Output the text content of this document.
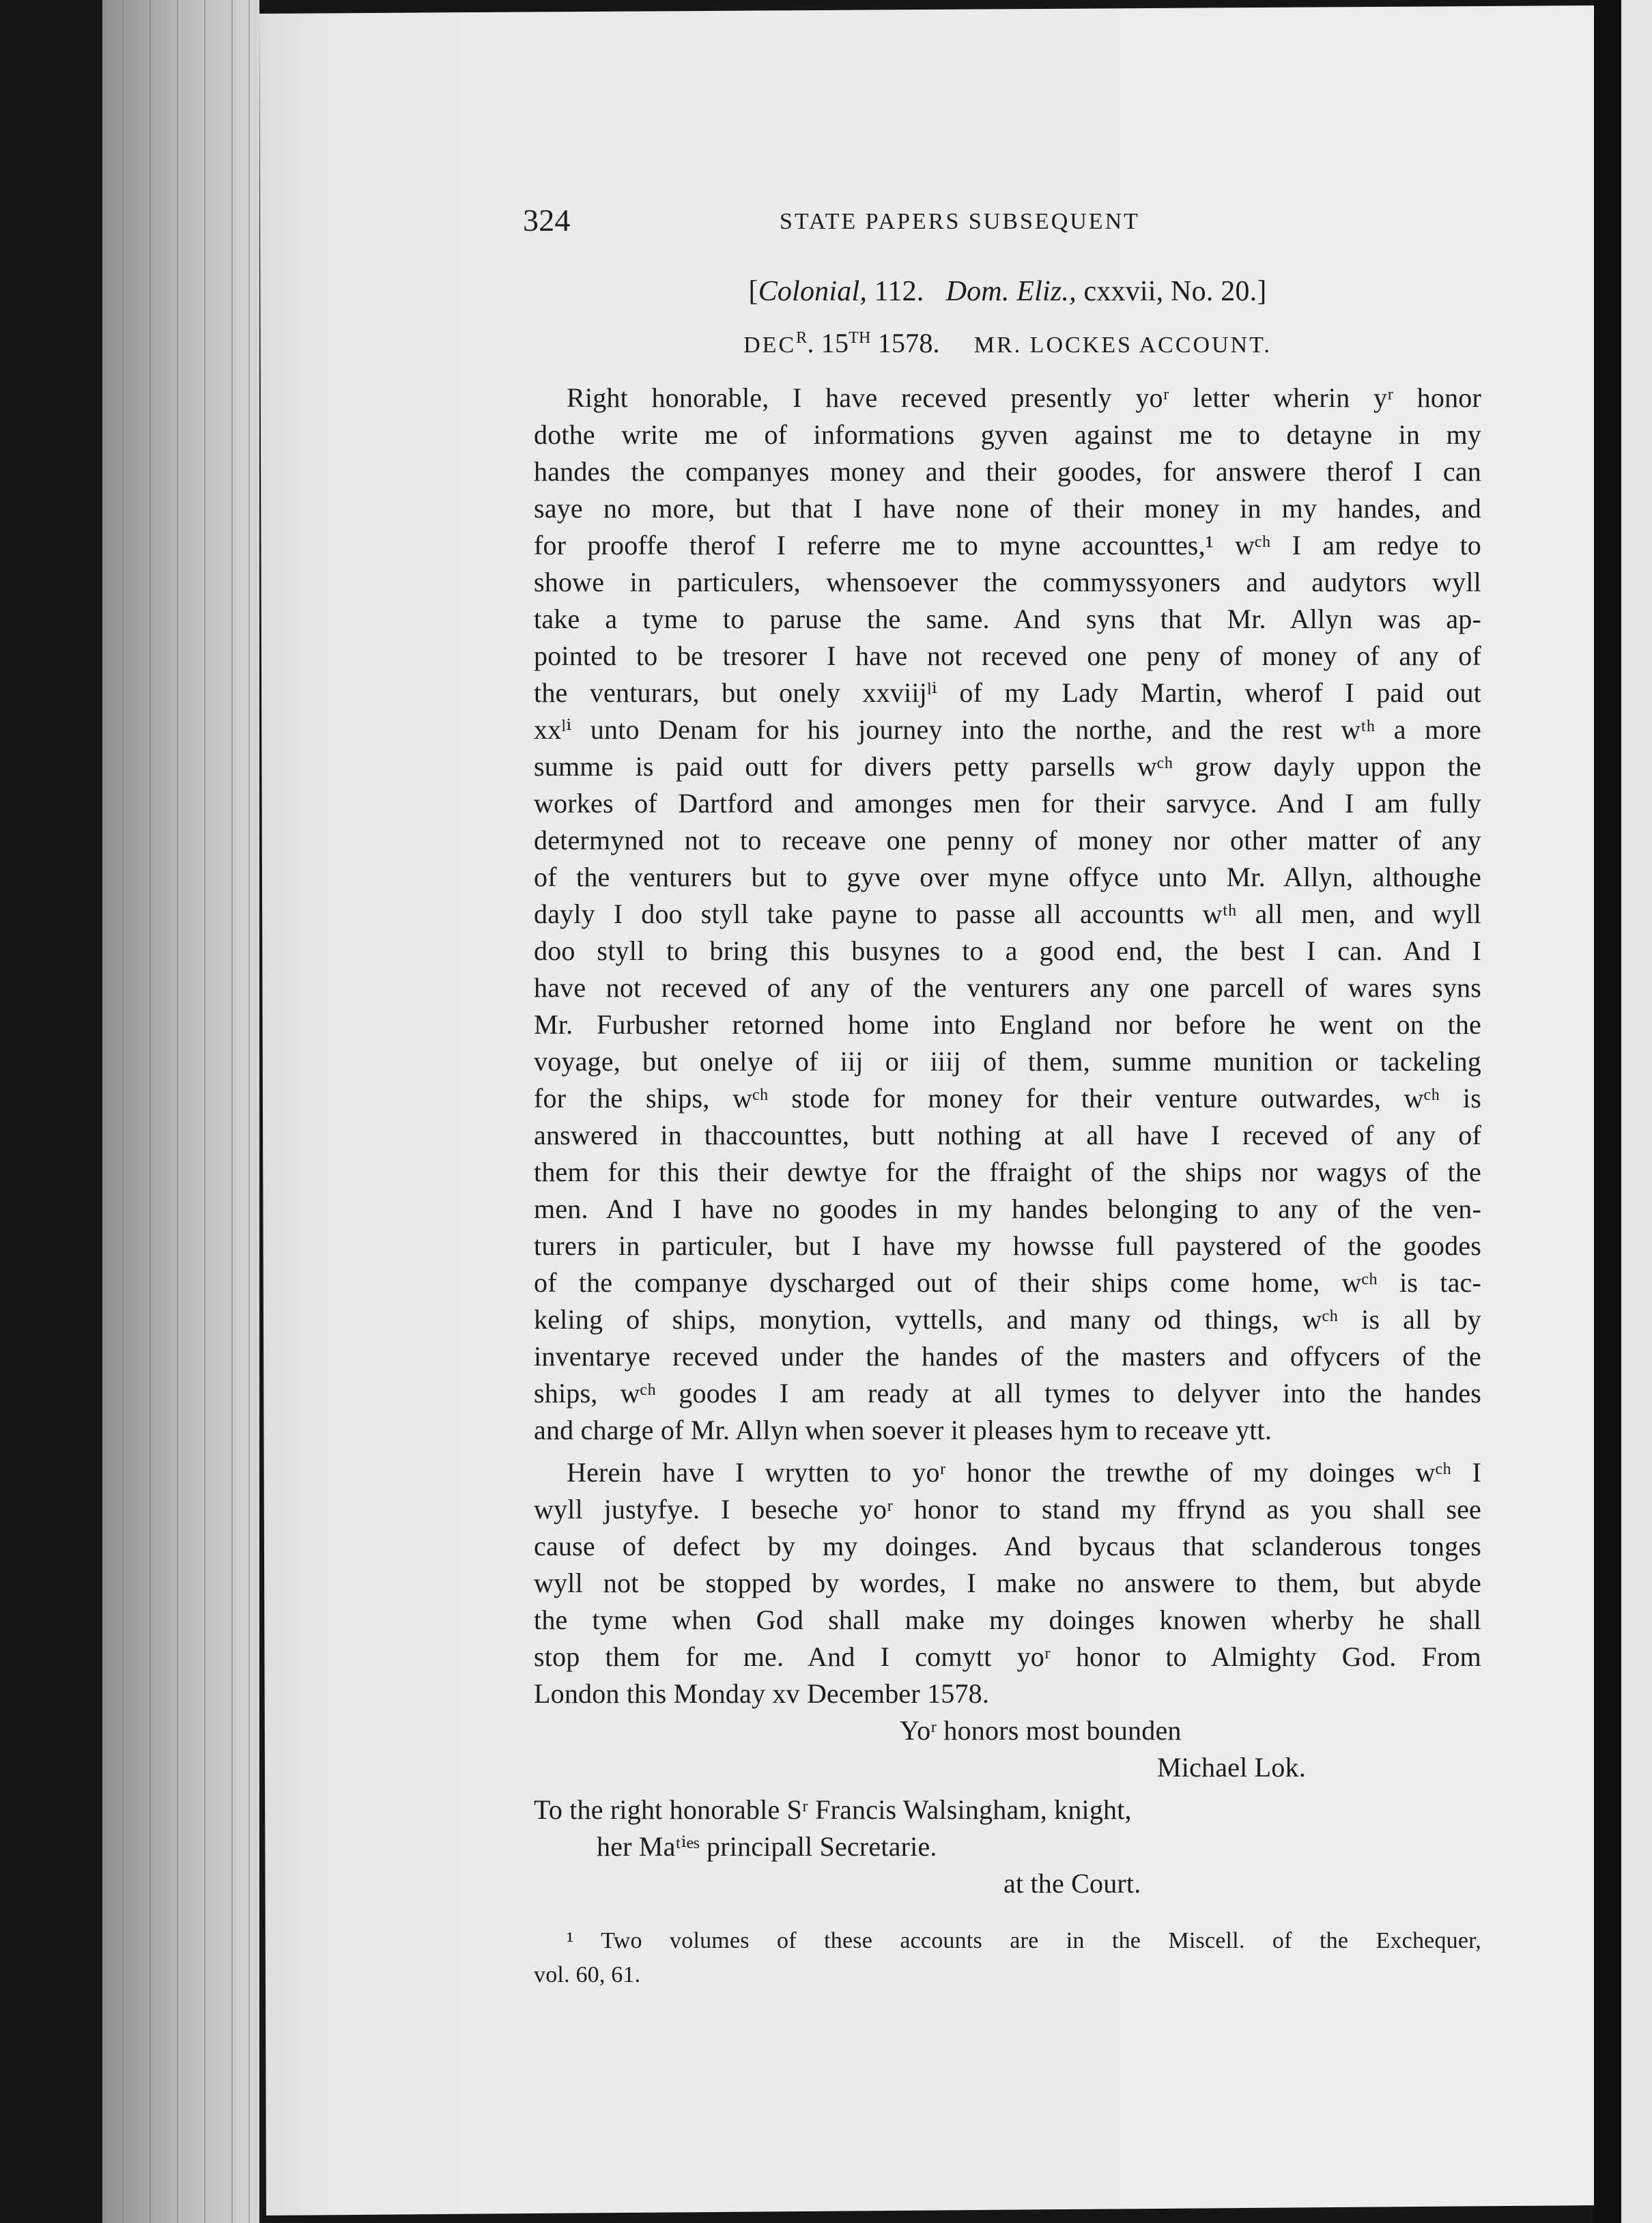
324	STATE PAPERS SUBSEQUENT
[Colonial, 112.   Dom. Eliz., cxxvii, No. 20.]
$DEC^R$. 15TH 1578. MR. LOCKES ACCOUNT.
Right honorable, I have receved presently yoʳ letter wherin yʳ honor
dothe write me of informations gyven against me to detayne in my
handes the companyes money and their goodes, for answere therof I can
saye no more, but that I have none of their money in my handes, and
for prooffe therof I referre me to myne accounttes,¹ wᶜʰ I am redye to
showe in particulers, whensoever the commyssyoners and audytors wyll
take a tyme to paruse the same. And syns that Mr. Allyn was ap-
pointed to be tresorer I have not receved one peny of money of any of
the venturars, but onely xxviijˡⁱ of my Lady Martin, wherof I paid out
xxˡⁱ unto Denam for his journey into the northe, and the rest wᵗʰ a more
summe is paid outt for divers petty parsells wᶜʰ grow dayly uppon the
workes of Dartford and amonges men for their sarvyce. And I am fully
determyned not to receave one penny of money nor other matter of any
of the venturers but to gyve over myne offyce unto Mr. Allyn, althoughe
dayly I doo styll take payne to passe all accountts wᵗʰ all men, and wyll
doo styll to bring this busynes to a good end, the best I can. And I
have not receved of any of the venturers any one parcell of wares syns
Mr. Furbusher retorned home into England nor before he went on the
voyage, but onelye of iij or iiij of them, summe munition or tackeling
for the ships, wᶜʰ stode for money for their venture outwardes, wᶜʰ is
answered in thaccounttes, butt nothing at all have I receved of any of
them for this their dewtye for the ffraight of the ships nor wagys of the
men. And I have no goodes in my handes belonging to any of the ven-
turers in particuler, but I have my howsse full paystered of the goodes
of the companye dyscharged out of their ships come home, wᶜʰ is tac-
keling of ships, monytion, vyttells, and many od things, wᶜʰ is all by
inventarye receved under the handes of the masters and offycers of the
ships, wᶜʰ goodes I am ready at all tymes to delyver into the handes
and charge of Mr. Allyn when soever it pleases hym to receave ytt.
Herein have I wrytten to yoʳ honor the trewthe of my doinges wᶜʰ I
wyll justyfye. I beseche yoʳ honor to stand my ffrynd as you shall see
cause of defect by my doinges. And bycaus that sclanderous tonges
wyll not be stopped by wordes, I make no answere to them, but abyde
the tyme when God shall make my doinges knowen wherby he shall
stop them for me. And I comytt yoʳ honor to Almighty God. From
London this Monday xv December 1578.
Yoʳ honors most bounden
Michael Lok.
To the right honorable Sʳ Francis Walsingham, knight,
her Maᵗⁱᵉˢ principall Secretarie.
at the Court.
¹ Two volumes of these accounts are in the Miscell. of the Exchequer,
vol. 60, 61.
